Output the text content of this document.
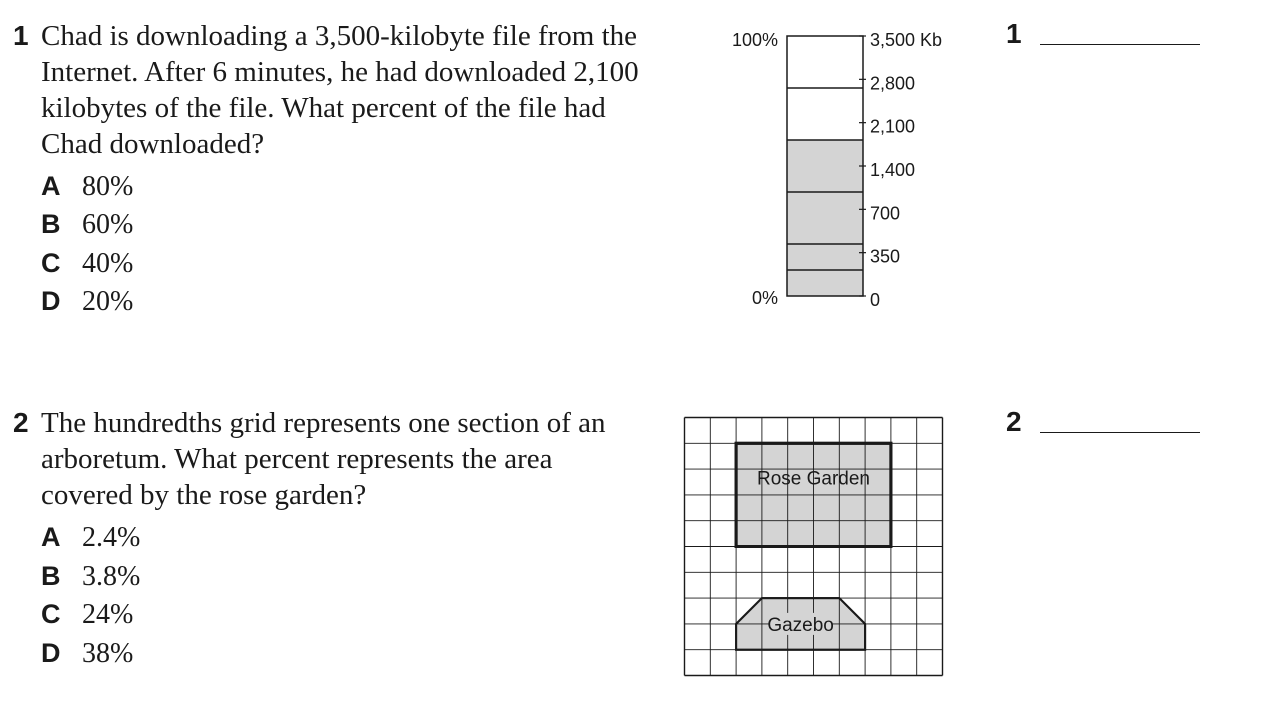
1 Chad is downloading a 3,500-kilobyte file from the Internet. After 6 minutes, he had downloaded 2,100 kilobytes of the file. What percent of the file had Chad downloaded?

A 80%
B 60%
C 40%
D 20%
100%
0%
3,500 Kb
2,800
2,100
1,400
700
350
0
1
2 The hundredths grid represents one section of an arboretum. What percent represents the area covered by the rose garden?

A 2.4%
B 3.8%
C 24%
D 38%
Rose Garden
Gazebo
2
